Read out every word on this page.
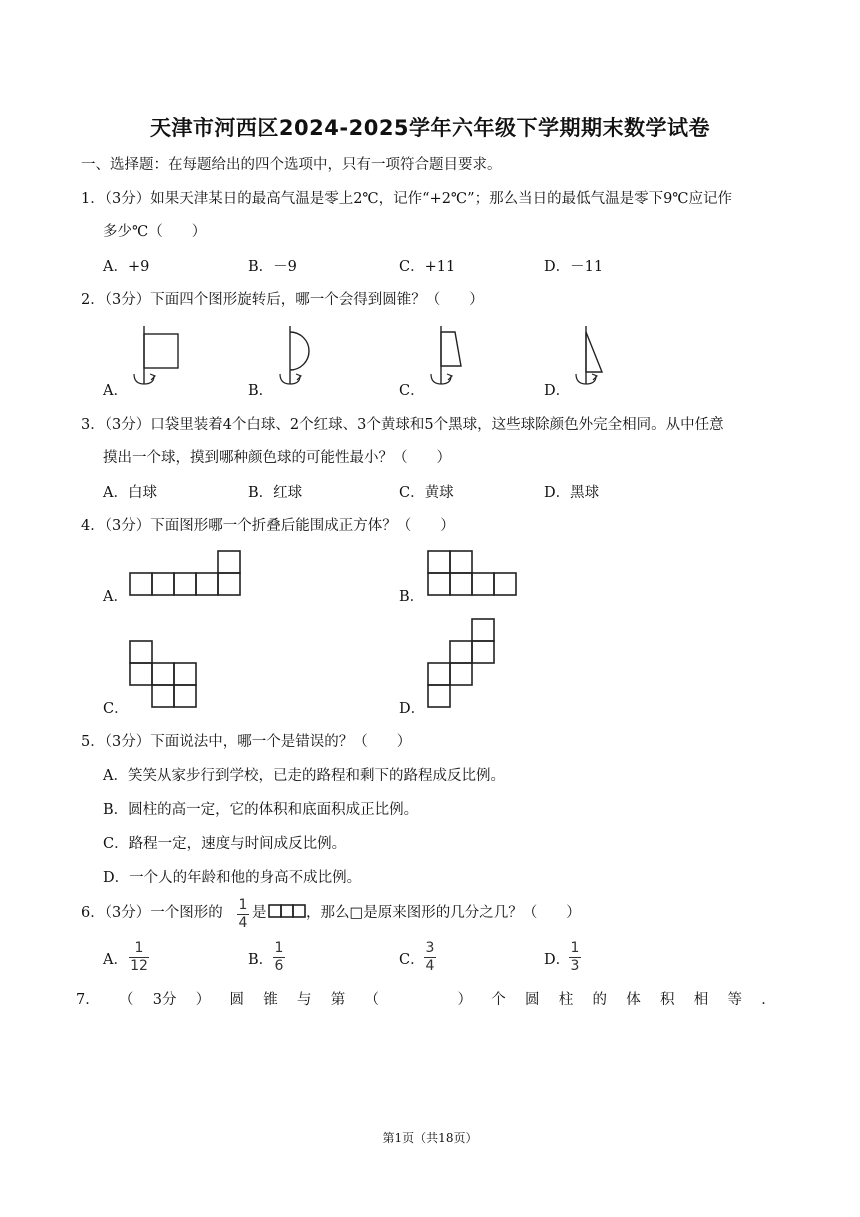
天津市河西区2024-2025学年六年级下学期期末数学试卷
一、选择题：在每题给出的四个选项中，只有一项符合题目要求。
1．（3分）如果天津某日的最高气温是零上2℃，记作“+2℃”；那么当日的最低气温是零下9℃应记作
多少℃（　　）
A．+9	B．－9	C．+11	D．－11
2．（3分）下面四个图形旋转后，哪一个会得到圆锥？（　　）
A．	B．	C．	D．
3．（3分）口袋里装着4个白球、2个红球、3个黄球和5个黑球，这些球除颜色外完全相同。从中任意
摸出一个球，摸到哪种颜色球的可能性最小？（　　）
A．白球	B．红球	C．黄球	D．黑球
4．（3分）下面图形哪一个折叠后能围成正方体？（　　）
A．	B．
C．	D．
5．（3分）下面说法中，哪一个是错误的？（　　）
A．笑笑从家步行到学校，已走的路程和剩下的路程成反比例。
B．圆柱的高一定，它的体积和底面积成正比例。
C．路程一定，速度与时间成反比例。
D．一个人的年龄和他的身高不成比例。
6．（3分）一个图形的 1
4
是	，那么□是原来图形的几分之几？（　　）
A．
1
12	B．
1
6	C．
3
4	D．
1
3
7． （ 3分 ） 圆 锥 与 第 （	） 个 圆 柱 的 体 积 相 等 ．
第1页（共18页）
